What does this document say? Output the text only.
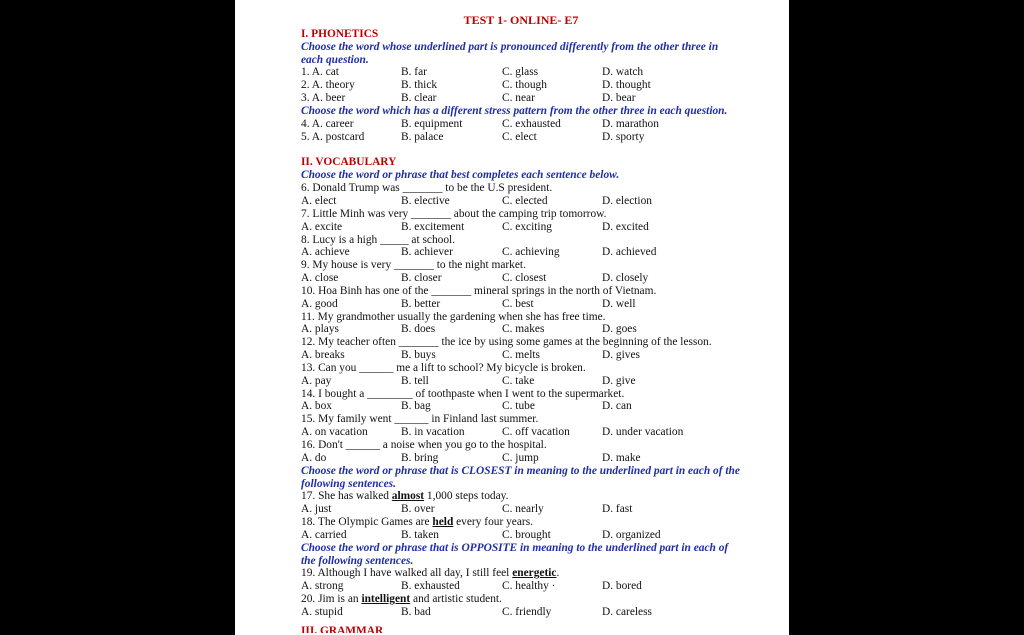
TEST 1- ONLINE- E7
I. PHONETICS
Choose the word whose underlined part is pronounced differently from the other three in each question.
1. A. cat	B. far	C. glass	D. watch
2. A. theory	B. thick	C. though	D. thought
3. A. beer	B. clear	C. near	D. bear
Choose the word which has a different stress pattern from the other three in each question.
4. A. career	B. equipment	C. exhausted	D. marathon
5. A. postcard	B. palace	C. elect	D. sporty
II. VOCABULARY
Choose the word or phrase that best completes each sentence below.
6. Donald Trump was _______ to be the U.S president.
A. elect	B. elective	C. elected	D. election
7. Little Minh was very _______ about the camping trip tomorrow.
A. excite	B. excitement	C. exciting	D. excited
8. Lucy is a high _____ at school.
A. achieve	B. achiever	C. achieving	D. achieved
9. My house is very _______ to the night market.
A. close	B. closer	C. closest	D. closely
10. Hoa Binh has one of the _______ mineral springs in the north of Vietnam.
A. good	B. better	C. best	D. well
11. My grandmother usually the gardening when she has free time.
A. plays	B. does	C. makes	D. goes
12. My teacher often _______ the ice by using some games at the beginning of the lesson.
A. breaks	B. buys	C. melts	D. gives
13. Can you ______ me a lift to school? My bicycle is broken.
A. pay	B. tell	C. take	D. give
14. I bought a ________ of toothpaste when I went to the supermarket.
A. box	B. bag	C. tube	D. can
15. My family went ______ in Finland last summer.
A. on vacation	B. in vacation	C. off vacation	D. under vacation
16. Don't ______ a noise when you go to the hospital.
A. do	B. bring	C. jump	D. make
Choose the word or phrase that is CLOSEST in meaning to the underlined part in each of the following sentences.
17. She has walked almost 1,000 steps today.
A. just	B. over	C. nearly	D. fast
18. The Olympic Games are held every four years.
A. carried	B. taken	C. brought	D. organized
Choose the word or phrase that is OPPOSITE in meaning to the underlined part in each of the following sentences.
19. Although I have walked all day, I still feel energetic.
A. strong	B. exhausted	C. healthy ·	D. bored
20. Jim is an intelligent and artistic student.
A. stupid	B. bad	C. friendly	D. careless
III. GRAMMAR
